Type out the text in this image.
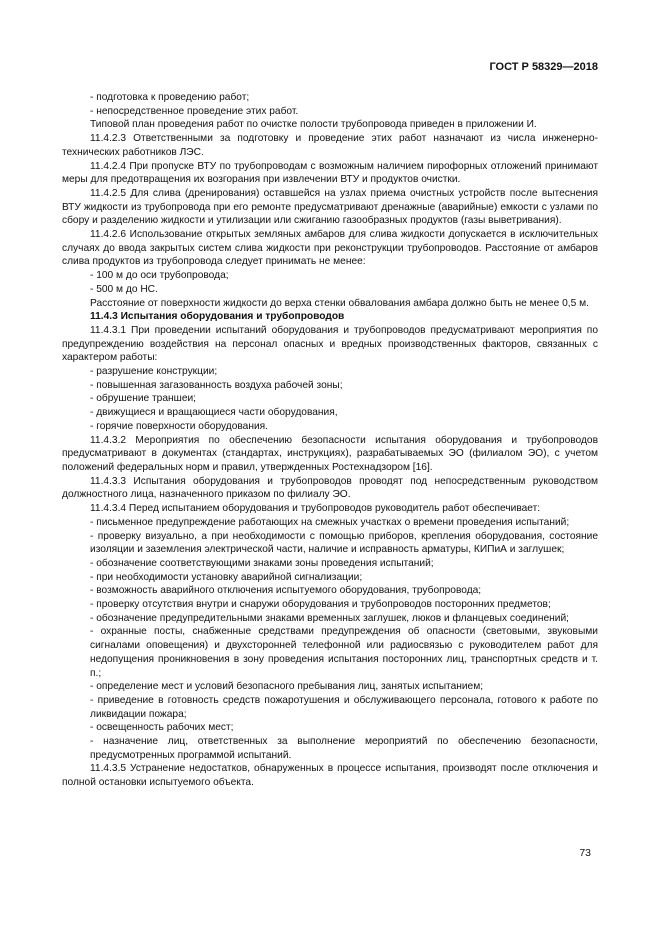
ГОСТ Р 58329—2018

- подготовка к проведению работ;

- непосредственное проведение этих работ.

Типовой план проведения работ по очистке полости трубопровода приведен в приложении И.

11.4.2.3 Ответственными за подготовку и проведение этих работ назначают из числа инженерно-технических работников ЛЭС.

11.4.2.4 При пропуске ВТУ по трубопроводам с возможным наличием пирофорных отложений принимают меры для предотвращения их возгорания при извлечении ВТУ и продуктов очистки.

11.4.2.5 Для слива (дренирования) оставшейся на узлах приема очистных устройств после вытеснения ВТУ жидкости из трубопровода при его ремонте предусматривают дренажные (аварийные) емкости с узлами по сбору и разделению жидкости и утилизации или сжиганию газообразных продуктов (газы выветривания).

11.4.2.6 Использование открытых земляных амбаров для слива жидкости допускается в исключительных случаях до ввода закрытых систем слива жидкости при реконструкции трубопроводов. Расстояние от амбаров слива продуктов из трубопровода следует принимать не менее:

- 100 м до оси трубопровода;

- 500 м до НС.

Расстояние от поверхности жидкости до верха стенки обвалования амбара должно быть не менее 0,5 м.

11.4.3 Испытания оборудования и трубопроводов

11.4.3.1 При проведении испытаний оборудования и трубопроводов предусматривают мероприятия по предупреждению воздействия на персонал опасных и вредных производственных факторов, связанных с характером работы:

- разрушение конструкции;

- повышенная загазованность воздуха рабочей зоны;

- обрушение траншеи;

- движущиеся и вращающиеся части оборудования,

- горячие поверхности оборудования.

11.4.3.2 Мероприятия по обеспечению безопасности испытания оборудования и трубопроводов предусматривают в документах (стандартах, инструкциях), разрабатываемых ЭО (филиалом ЭО), с учетом положений федеральных норм и правил, утвержденных Ростехнадзором [16].

11.4.3.3 Испытания оборудования и трубопроводов проводят под непосредственным руководством должностного лица, назначенного приказом по филиалу ЭО.

11.4.3.4 Перед испытанием оборудования и трубопроводов руководитель работ обеспечивает:

- письменное предупреждение работающих на смежных участках о времени проведения испытаний;

- проверку визуально, а при необходимости с помощью приборов, крепления оборудования, состояние изоляции и заземления электрической части, наличие и исправность арматуры, КИПиА и заглушек;

- обозначение соответствующими знаками зоны проведения испытаний;

- при необходимости установку аварийной сигнализации;

- возможность аварийного отключения испытуемого оборудования, трубопровода;

- проверку отсутствия внутри и снаружи оборудования и трубопроводов посторонних предметов;

- обозначение предупредительными знаками временных заглушек, люков и фланцевых соединений;

- охранные посты, снабженные средствами предупреждения об опасности (световыми, звуковыми сигналами оповещения) и двухсторонней телефонной или радиосвязью с руководителем работ для недопущения проникновения в зону проведения испытания посторонних лиц, транспортных средств и т. п.;

- определение мест и условий безопасного пребывания лиц, занятых испытанием;

- приведение в готовность средств пожаротушения и обслуживающего персонала, готового к работе по ликвидации пожара;

- освещенность рабочих мест;

- назначение лиц, ответственных за выполнение мероприятий по обеспечению безопасности, предусмотренных программой испытаний.

11.4.3.5 Устранение недостатков, обнаруженных в процессе испытания, производят после отключения и полной остановки испытуемого объекта.

73
